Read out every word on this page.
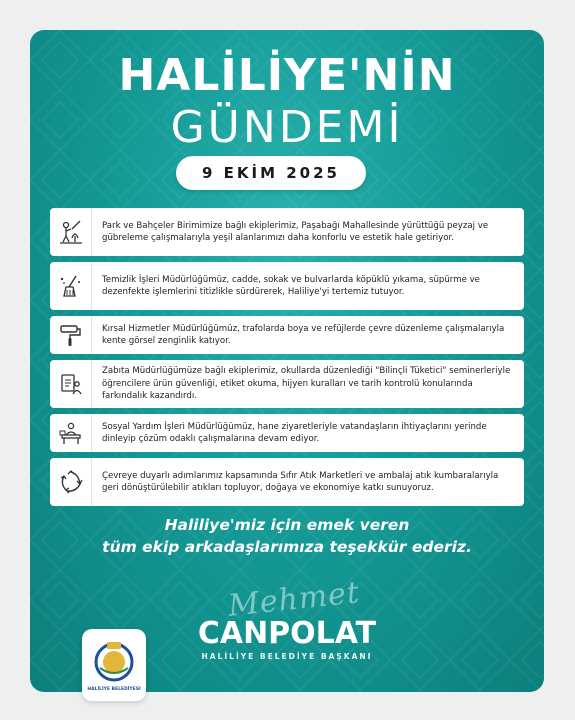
HALİLİYE'NİN
GÜNDEMİ
9 EKİM 2025
Park ve Bahçeler Birimimize bağlı ekiplerimiz, Paşabağı Mahallesinde yürüttüğü peyzaj ve gübreleme çalışmalarıyla yeşil alanlarımızı daha konforlu ve estetik hale getiriyor.
Temizlik İşleri Müdürlüğümüz, cadde, sokak ve bulvarlarda köpüklü yıkama, süpürme ve dezenfekte işlemlerini titizlikle sürdürerek, Haliliye'yi tertemiz tutuyor.
Kırsal Hizmetler Müdürlüğümüz, trafolarda boya ve refüjlerde çevre düzenleme çalışmalarıyla kente görsel zenginlik katıyor.
Zabıta Müdürlüğümüze bağlı ekiplerimiz, okullarda düzenlediği "Bilinçli Tüketici" seminerleriyle öğrencilere ürün güvenliği, etiket okuma, hijyen kuralları ve tarih kontrolü konularında farkındalık kazandırdı.
Sosyal Yardım İşleri Müdürlüğümüz, hane ziyaretleriyle vatandaşların ihtiyaçlarını yerinde dinleyip çözüm odaklı çalışmalarına devam ediyor.
Çevreye duyarlı adımlarımız kapsamında Sıfır Atık Marketleri ve ambalaj atık kumbaralarıyla geri dönüştürülebilir atıkları topluyor, doğaya ve ekonomiye katkı sunuyoruz.
Haliliye'miz için emek veren
tüm ekip arkadaşlarımıza teşekkür ederiz.
Mehmet
CANPOLAT
HALİLİYE BELEDİYE BAŞKANI
HALİLİYE BELEDİYESİ
